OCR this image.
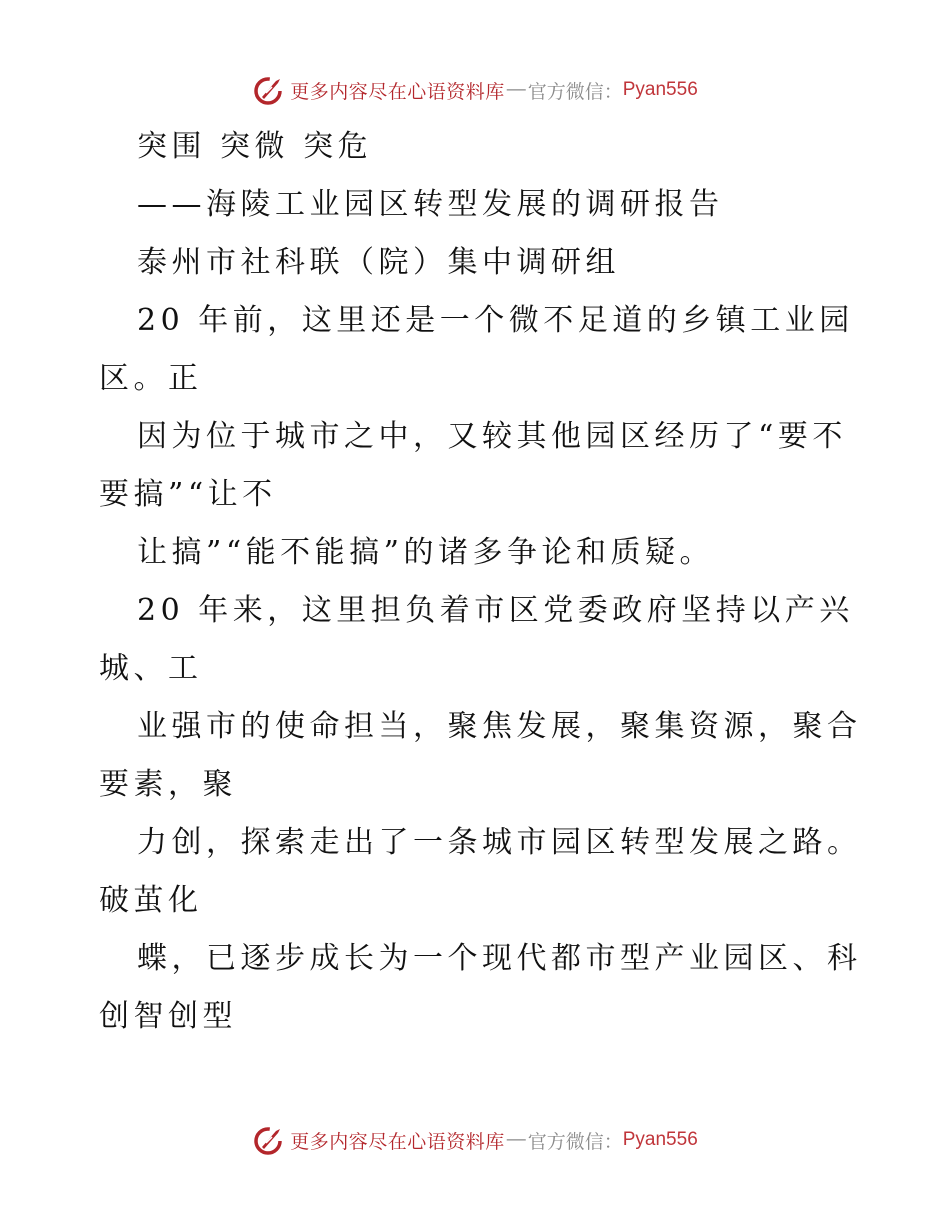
更多内容尽在心语资料库 — 官方微信： Pyan556
突围 突微 突危
——海陵工业园区转型发展的调研报告
泰州市社科联（院）集中调研组
20 年前，这里还是一个微不足道的乡镇工业园
区。正
因为位于城市之中，又较其他园区经历了“要不
要搞”“让不
让搞”“能不能搞”的诸多争论和质疑。
20 年来，这里担负着市区党委政府坚持以产兴
城、工
业强市的使命担当，聚焦发展，聚集资源，聚合
要素，聚
力创，探索走出了一条城市园区转型发展之路。
破茧化
蝶，已逐步成长为一个现代都市型产业园区、科
创智创型
更多内容尽在心语资料库 — 官方微信： Pyan556
